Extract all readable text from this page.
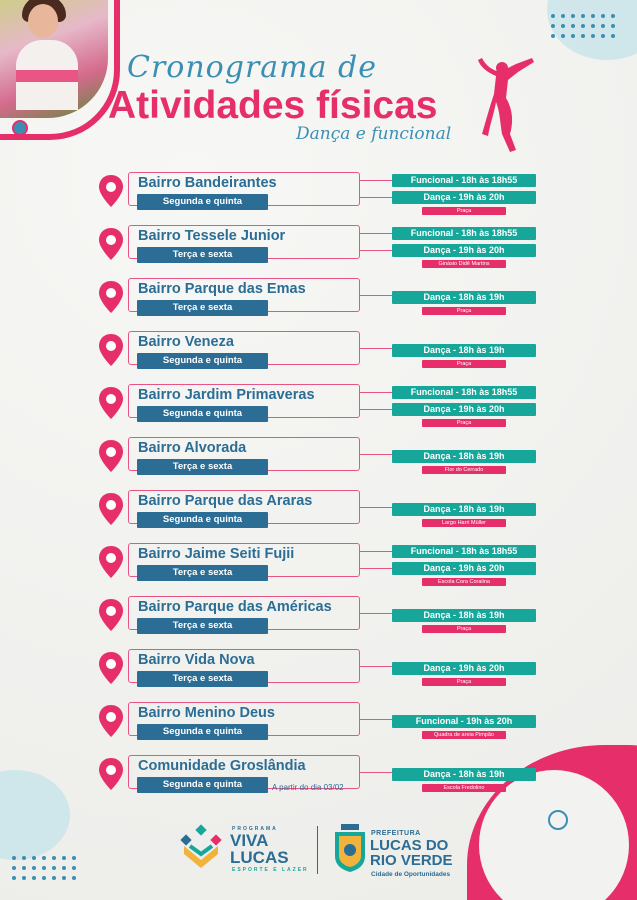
Cronograma de
Atividades físicas
Dança e funcional
Bairro Bandeirantes
Segunda e quinta
Funcional - 18h às 18h55
Dança - 19h às 20h
Praça
Bairro Tessele Junior
Terça e sexta
Funcional - 18h às 18h55
Dança - 19h às 20h
Ginásio Didê Martins
Bairro Parque das Emas
Terça e sexta
Dança - 18h às 19h
Praça
Bairro Veneza
Segunda e quinta
Dança - 18h às 19h
Praça
Bairro Jardim Primaveras
Segunda e quinta
Funcional - 18h às 18h55
Dança - 19h às 20h
Praça
Bairro Alvorada
Terça e sexta
Dança - 18h às 19h
Flor do Cerrado
Bairro Parque das Araras
Segunda e quinta
Dança - 18h às 19h
Largo Harri Müller
Bairro Jaime Seiti Fujii
Terça e sexta
Funcional - 18h às 18h55
Dança - 19h às 20h
Escola Cora Coralina
Bairro Parque das Américas
Terça e sexta
Dança - 18h às 19h
Praça
Bairro Vida Nova
Terça e sexta
Dança - 19h às 20h
Praça
Bairro Menino Deus
Segunda e quinta
Funcional - 19h às 20h
Quadra de areia Pimpão
Comunidade Groslândia
Segunda e quinta	A partir do dia 03/02
Dança - 18h às 19h
Escola Fredolino
PROGRAMA
VIVA
LUCAS
ESPORTE E LAZER
PREFEITURA
LUCAS DO
RIO VERDE
Cidade de Oportunidades
